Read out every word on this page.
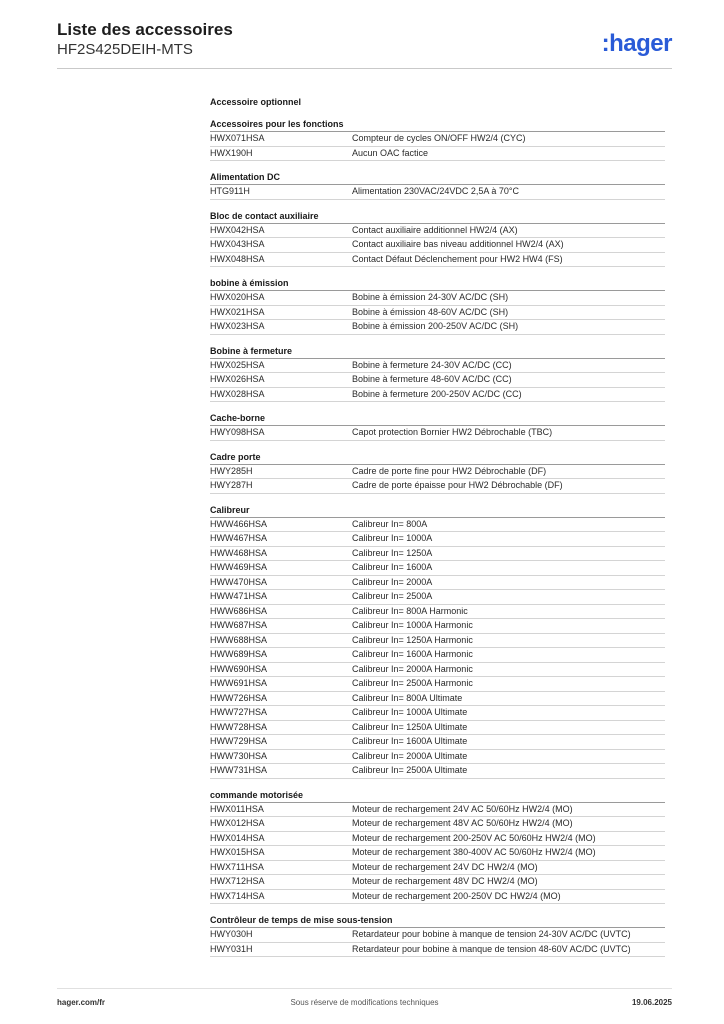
Liste des accessoires
HF2S425DEIH-MTS	:hager
Accessoire optionnel
Accessoires pour les fonctions
HWX071HSA	Compteur de cycles ON/OFF HW2/4 (CYC)
HWX190H	Aucun OAC factice
Alimentation DC
HTG911H	Alimentation 230VAC/24VDC 2,5A à 70°C
Bloc de contact auxiliaire
HWX042HSA	Contact auxiliaire additionnel HW2/4 (AX)
HWX043HSA	Contact auxiliaire bas niveau additionnel HW2/4 (AX)
HWX048HSA	Contact Défaut Déclenchement pour HW2 HW4 (FS)
bobine à émission
HWX020HSA	Bobine à émission 24-30V AC/DC (SH)
HWX021HSA	Bobine à émission 48-60V AC/DC (SH)
HWX023HSA	Bobine à émission 200-250V AC/DC (SH)
Bobine à fermeture
HWX025HSA	Bobine à fermeture 24-30V AC/DC (CC)
HWX026HSA	Bobine à fermeture 48-60V AC/DC (CC)
HWX028HSA	Bobine à fermeture 200-250V AC/DC (CC)
Cache-borne
HWY098HSA	Capot protection Bornier HW2 Débrochable (TBC)
Cadre porte
HWY285H	Cadre de porte fine pour HW2 Débrochable (DF)
HWY287H	Cadre de porte épaisse pour HW2 Débrochable (DF)
Calibreur
HWW466HSA	Calibreur In= 800A
HWW467HSA	Calibreur In= 1000A
HWW468HSA	Calibreur In= 1250A
HWW469HSA	Calibreur In= 1600A
HWW470HSA	Calibreur In= 2000A
HWW471HSA	Calibreur In= 2500A
HWW686HSA	Calibreur In= 800A Harmonic
HWW687HSA	Calibreur In= 1000A Harmonic
HWW688HSA	Calibreur In= 1250A Harmonic
HWW689HSA	Calibreur In= 1600A Harmonic
HWW690HSA	Calibreur In= 2000A Harmonic
HWW691HSA	Calibreur In= 2500A Harmonic
HWW726HSA	Calibreur In= 800A Ultimate
HWW727HSA	Calibreur In= 1000A Ultimate
HWW728HSA	Calibreur In= 1250A Ultimate
HWW729HSA	Calibreur In= 1600A Ultimate
HWW730HSA	Calibreur In= 2000A Ultimate
HWW731HSA	Calibreur In= 2500A Ultimate
commande motorisée
HWX011HSA	Moteur de rechargement 24V AC 50/60Hz HW2/4 (MO)
HWX012HSA	Moteur de rechargement 48V AC 50/60Hz HW2/4 (MO)
HWX014HSA	Moteur de rechargement 200-250V AC 50/60Hz HW2/4 (MO)
HWX015HSA	Moteur de rechargement 380-400V AC 50/60Hz HW2/4 (MO)
HWX711HSA	Moteur de rechargement 24V DC HW2/4 (MO)
HWX712HSA	Moteur de rechargement 48V DC HW2/4 (MO)
HWX714HSA	Moteur de rechargement 200-250V DC HW2/4 (MO)
Contrôleur de temps de mise sous-tension
HWY030H	Retardateur pour bobine à manque de tension 24-30V AC/DC (UVTC)
HWY031H	Retardateur pour bobine à manque de tension 48-60V AC/DC (UVTC)
hager.com/fr	Sous réserve de modifications techniques	19.06.2025
